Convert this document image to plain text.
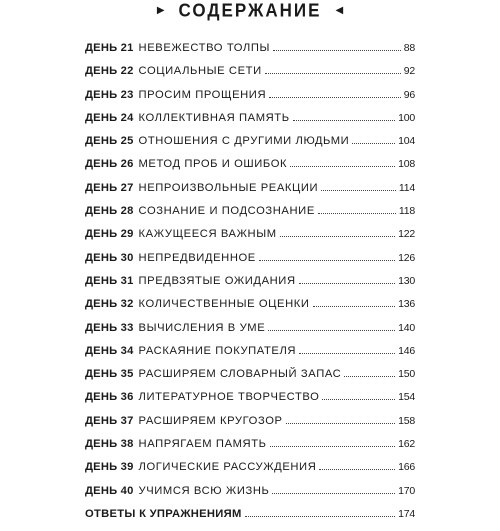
▶ СОДЕРЖАНИЕ ◀
ДЕНЬ 21 НЕВЕЖЕСТВО ТОЛПЫ	88
ДЕНЬ 22 СОЦИАЛЬНЫЕ СЕТИ	92
ДЕНЬ 23 ПРОСИМ ПРОЩЕНИЯ	96
ДЕНЬ 24 КОЛЛЕКТИВНАЯ ПАМЯТЬ	100
ДЕНЬ 25 ОТНОШЕНИЯ С ДРУГИМИ ЛЮДЬМИ	104
ДЕНЬ 26 МЕТОД ПРОБ И ОШИБОК	108
ДЕНЬ 27 НЕПРОИЗВОЛЬНЫЕ РЕАКЦИИ	114
ДЕНЬ 28 СОЗНАНИЕ И ПОДСОЗНАНИЕ	118
ДЕНЬ 29 КАЖУЩЕЕСЯ ВАЖНЫМ	122
ДЕНЬ 30 НЕПРЕДВИДЕННОЕ	126
ДЕНЬ 31 ПРЕДВЗЯТЫЕ ОЖИДАНИЯ	130
ДЕНЬ 32 КОЛИЧЕСТВЕННЫЕ ОЦЕНКИ	136
ДЕНЬ 33 ВЫЧИСЛЕНИЯ В УМЕ	140
ДЕНЬ 34 РАСКАЯНИЕ ПОКУПАТЕЛЯ	146
ДЕНЬ 35 РАСШИРЯЕМ СЛОВАРНЫЙ ЗАПАС	150
ДЕНЬ 36 ЛИТЕРАТУРНОЕ ТВОРЧЕСТВО	154
ДЕНЬ 37 РАСШИРЯЕМ КРУГОЗОР	158
ДЕНЬ 38 НАПРЯГАЕМ ПАМЯТЬ	162
ДЕНЬ 39 ЛОГИЧЕСКИЕ РАССУЖДЕНИЯ	166
ДЕНЬ 40 УЧИМСЯ ВСЮ ЖИЗНЬ	170
ОТВЕТЫ К УПРАЖНЕНИЯМ	174
